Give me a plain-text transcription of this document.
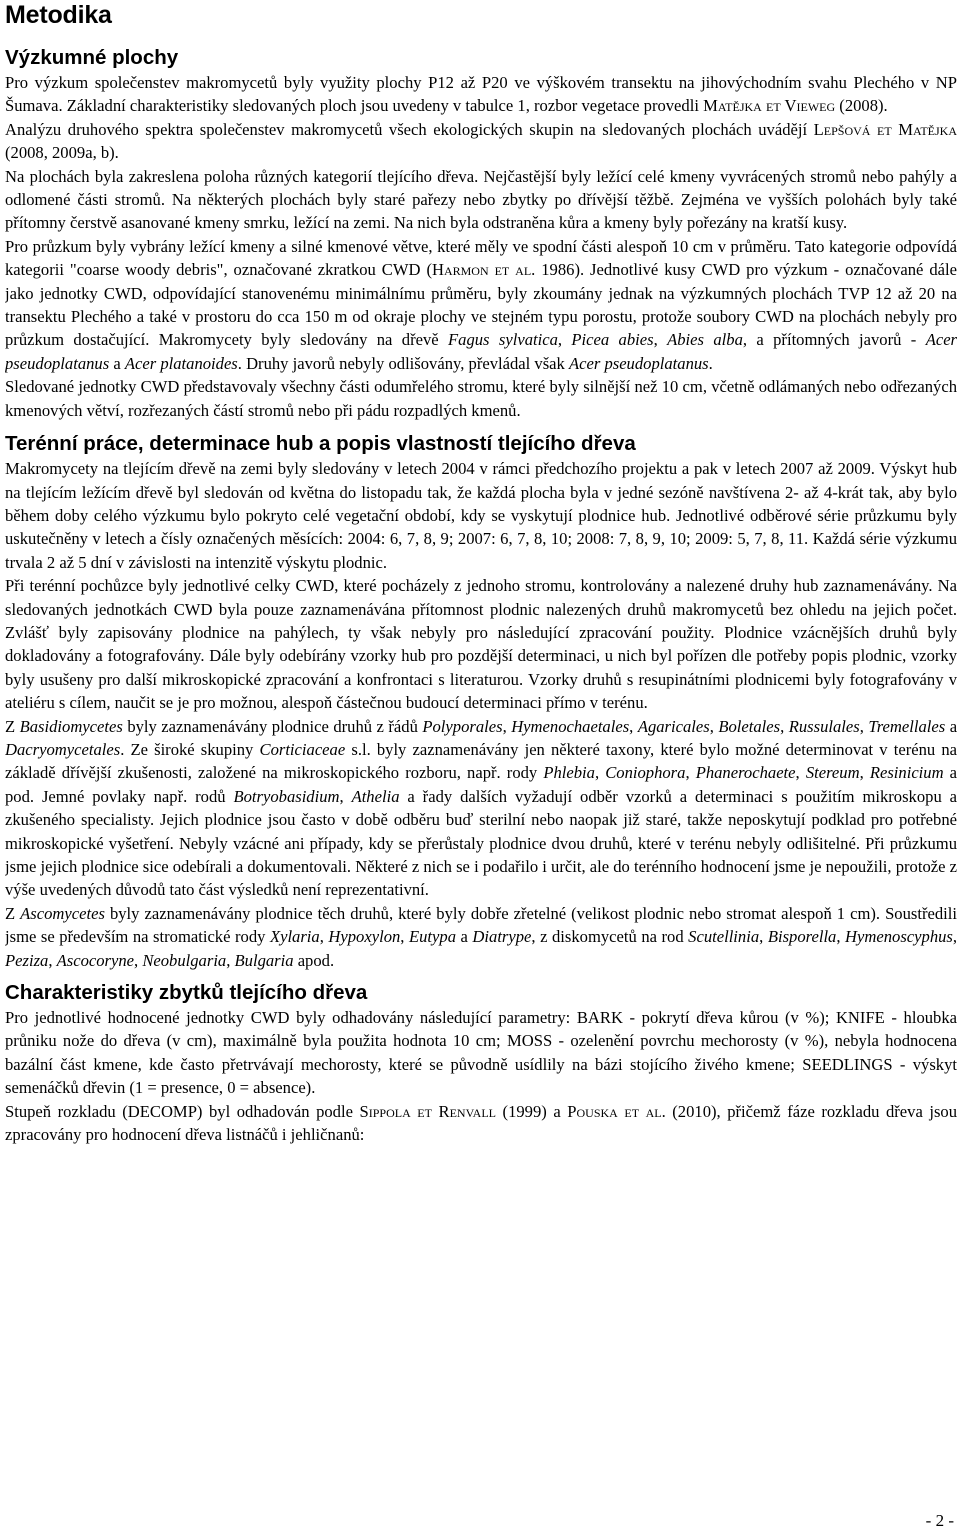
Metodika
Výzkumné plochy

Pro výzkum společenstev makromycetů byly využity plochy P12 až P20 ve výškovém transektu na jihovýchodním svahu Plechého v NP Šumava. Základní charakteristiky sledovaných ploch jsou uvedeny v tabulce 1, rozbor vegetace provedli Matějka et Vieweg (2008).

Analýzu druhového spektra společenstev makromycetů všech ekologických skupin na sledovaných plochách uvádějí Lepšová et Matějka (2008, 2009a, b).

Na plochách byla zakreslena poloha různých kategorií tlejícího dřeva. Nejčastější byly ležící celé kmeny vyvrácených stromů nebo pahýly a odlomené části stromů. Na některých plochách byly staré pařezy nebo zbytky po dřívější těžbě. Zejména ve vyšších polohách byly také přítomny čerstvě asanované kmeny smrku, ležící na zemi. Na nich byla odstraněna kůra a kmeny byly pořezány na kratší kusy.

Pro průzkum byly vybrány ležící kmeny a silné kmenové větve, které měly ve spodní části alespoň 10 cm v průměru. Tato kategorie odpovídá kategorii "coarse woody debris", označované zkratkou CWD (Harmon et al. 1986). Jednotlivé kusy CWD pro výzkum - označované dále jako jednotky CWD, odpovídající stanovenému minimálnímu průměru, byly zkoumány jednak na výzkumných plochách TVP 12 až 20 na transektu Plechého a také v prostoru do cca 150 m od okraje plochy ve stejném typu porostu, protože soubory CWD na plochách nebyly pro průzkum dostačující. Makromycety byly sledovány na dřevě Fagus sylvatica, Picea abies, Abies alba, a přítomných javorů - Acer pseudoplatanus a Acer platanoides. Druhy javorů nebyly odlišovány, převládal však Acer pseudoplatanus.

Sledované jednotky CWD představovaly všechny části odumřelého stromu, které byly silnější než 10 cm, včetně odlámaných nebo odřezaných kmenových větví, rozřezaných částí stromů nebo při pádu rozpadlých kmenů.

Terénní práce, determinace hub a popis vlastností tlejícího dřeva

Makromycety na tlejícím dřevě na zemi byly sledovány v letech 2004 v rámci předchozího projektu a pak v letech 2007 až 2009. Výskyt hub na tlejícím ležícím dřevě byl sledován od května do listopadu tak, že každá plocha byla v jedné sezóně navštívena 2- až 4-krát tak, aby bylo během doby celého výzkumu bylo pokryto celé vegetační období, kdy se vyskytují plodnice hub. Jednotlivé odběrové série průzkumu byly uskutečněny v letech a čísly označených měsících: 2004: 6, 7, 8, 9; 2007: 6, 7, 8, 10; 2008: 7, 8, 9, 10; 2009: 5, 7, 8, 11. Každá série výzkumu trvala 2 až 5 dní v závislosti na intenzitě výskytu plodnic.

Při terénní pochůzce byly jednotlivé celky CWD, které pocházely z jednoho stromu, kontrolovány a nalezené druhy hub zaznamenávány. Na sledovaných jednotkách CWD byla pouze zaznamenávána přítomnost plodnic nalezených druhů makromycetů bez ohledu na jejich počet. Zvlášť byly zapisovány plodnice na pahýlech, ty však nebyly pro následující zpracování použity. Plodnice vzácnějších druhů byly dokladovány a fotografovány. Dále byly odebírány vzorky hub pro pozdější determinaci, u nich byl pořízen dle potřeby popis plodnic, vzorky byly usušeny pro další mikroskopické zpracování a konfrontaci s literaturou. Vzorky druhů s resupinátními plodnicemi byly fotografovány v ateliéru s cílem, naučit se je pro možnou, alespoň částečnou budoucí determinaci přímo v terénu.

Z Basidiomycetes byly zaznamenávány plodnice druhů z řádů Polyporales, Hymenochaetales, Agaricales, Boletales, Russulales, Tremellales a Dacryomycetales. Ze široké skupiny Corticiaceae s.l. byly zaznamenávány jen některé taxony, které bylo možné determinovat v terénu na základě dřívější zkušenosti, založené na mikroskopického rozboru, např. rody Phlebia, Coniophora, Phanerochaete, Stereum, Resinicium a pod. Jemné povlaky např. rodů Botryobasidium, Athelia a řady dalších vyžadují odběr vzorků a determinaci s použitím mikroskopu a zkušeného specialisty. Jejich plodnice jsou často v době odběru buď sterilní nebo naopak již staré, takže neposkytují podklad pro potřebné mikroskopické vyšetření. Nebyly vzácné ani případy, kdy se přerůstaly plodnice dvou druhů, které v terénu nebyly odlišitelné. Při průzkumu jsme jejich plodnice sice odebírali a dokumentovali. Některé z nich se i podařilo i určit, ale do terénního hodnocení jsme je nepoužili, protože z výše uvedených důvodů tato část výsledků není reprezentativní.

Z Ascomycetes byly zaznamenávány plodnice těch druhů, které byly dobře zřetelné (velikost plodnic nebo stromat alespoň 1 cm). Soustředili jsme se především na stromatické rody Xylaria, Hypoxylon, Eutypa a Diatrype, z diskomycetů na rod Scutellinia, Bisporella, Hymenoscyphus, Peziza, Ascocoryne, Neobulgaria, Bulgaria apod.

Charakteristiky zbytků tlejícího dřeva

Pro jednotlivé hodnocené jednotky CWD byly odhadovány následující parametry: BARK - pokrytí dřeva kůrou (v %); KNIFE - hloubka průniku nože do dřeva (v cm), maximálně byla použita hodnota 10 cm; MOSS - ozelenění povrchu mechorosty (v %), nebyla hodnocena bazální část kmene, kde často přetrvávají mechorosty, které se původně usídlily na bázi stojícího živého kmene; SEEDLINGS - výskyt semenáčků dřevin (1 = presence, 0 = absence).

Stupeň rozkladu (DECOMP) byl odhadován podle Sippola et Renvall (1999) a Pouska et al. (2010), přičemž fáze rozkladu dřeva jsou zpracovány pro hodnocení dřeva listnáčů i jehličnanů:

- 2 -
